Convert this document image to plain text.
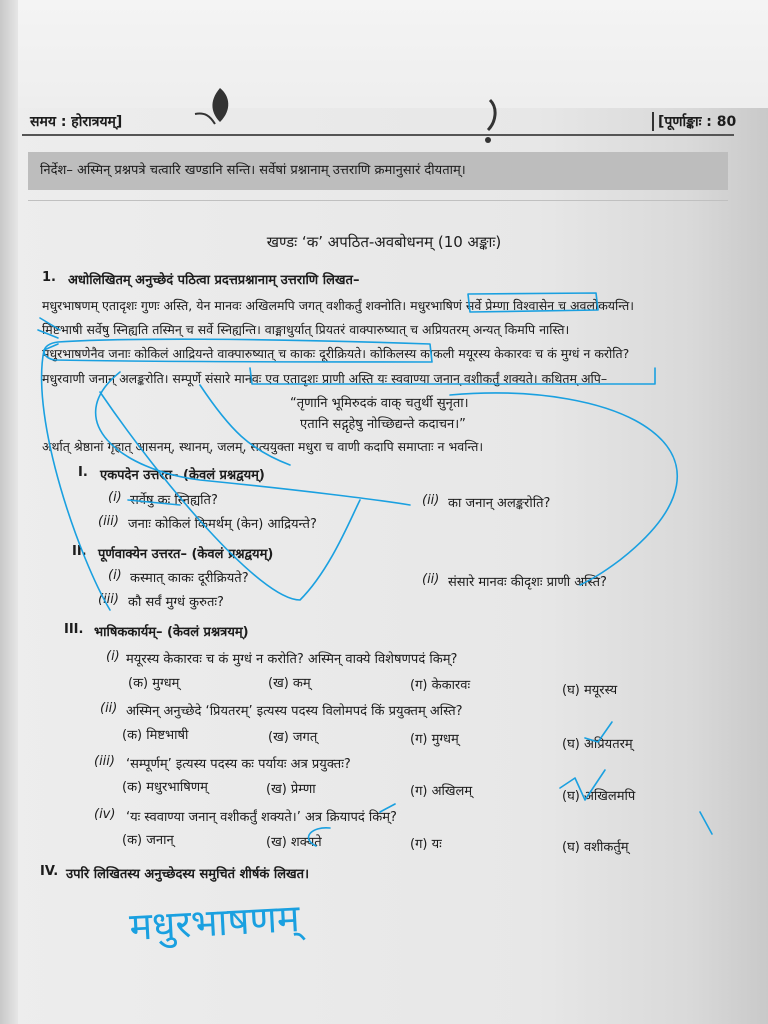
समय : होरात्रयम्]	[पूर्णाङ्काः : 80
निर्देश– अस्मिन् प्रश्नपत्रे चत्वारि खण्डानि सन्ति। सर्वेषां प्रश्नानाम् उत्तराणि क्रमानुसारं दीयताम्।
खण्डः ‘क’ अपठित-अवबोधनम् (10 अङ्काः)
1. अधोलिखितम् अनुच्छेदं पठित्वा प्रदत्तप्रश्नानाम् उत्तराणि लिखत–
मधुरभाषणम् एतादृशः गुणः अस्ति, येन मानवः अखिलमपि जगत् वशीकर्तुं शक्नोति। मधुरभाषिणं सर्वे प्रेम्णा विश्वासेन च अवलोकयन्ति।
मिष्टभाषी सर्वेषु स्निह्यति तस्मिन् च सर्वे स्निह्यन्ति। वाङ्माधुर्यात् प्रियतरं वाक्पारुष्यात् च अप्रियतरम् अन्यत् किमपि नास्ति।
मधुरभाषणेनैव जनाः कोकिलं आद्रियन्ते वाक्पारुष्यात् च काकः दूरीक्रियते। कोकिलस्य काकली मयूरस्य केकारवः च कं मुग्धं न करोति?
मधुरवाणी जनान् अलङ्करोति। सम्पूर्णे संसारे मानवः एव एतादृशः प्राणी अस्ति यः स्ववाण्या जनान् वशीकर्तुं शक्यते। कथितम् अपि–
“तृणानि भूमिरुदकं वाक् चतुर्थी सुनृता।
एतानि सद्गृहेषु नोच्छिद्यन्ते कदाचन।”
अर्थात् श्रेष्ठानां गृहात् आसनम्, स्थानम्, जलम्, सत्ययुक्ता मधुरा च वाणी कदापि समाप्ताः न भवन्ति।
I. एकपदेन उत्तरत– (केवलं प्रश्नद्वयम्)
(i) सर्वेषु कः स्निह्यति?	(ii) का जनान् अलङ्करोति?
(iii) जनाः कोकिलं किमर्थम् (केन) आद्रियन्ते?
II. पूर्णवाक्येन उत्तरत– (केवलं प्रश्नद्वयम्)
(i) कस्मात् काकः दूरीक्रियते?	(ii) संसारे मानवः कीदृशः प्राणी अस्ति?
(iii) कौ सर्वं मुग्धं कुरुतः?
III. भाषिककार्यम्– (केवलं प्रश्नत्रयम्)
(i) मयूरस्य केकारवः च कं मुग्धं न करोति? अस्मिन् वाक्ये विशेषणपदं किम्?
(क) मुग्धम्	(ख) कम्	(ग) केकारवः	(घ) मयूरस्य
(ii) अस्मिन् अनुच्छेदे ‘प्रियतरम्’ इत्यस्य पदस्य विलोमपदं किं प्रयुक्तम् अस्ति?
(क) मिष्टभाषी	(ख) जगत्	(ग) मुग्धम्	(घ) अप्रियतरम्
(iii) ‘सम्पूर्णम्’ इत्यस्य पदस्य कः पर्यायः अत्र प्रयुक्तः?
(क) मधुरभाषिणम्	(ख) प्रेम्णा	(ग) अखिलम्	(घ) अखिलमपि
(iv) ‘यः स्ववाण्या जनान् वशीकर्तुं शक्यते।’ अत्र क्रियापदं किम्?
(क) जनान्	(ख) शक्यते	(ग) यः	(घ) वशीकर्तुम्
IV. उपरि लिखितस्य अनुच्छेदस्य समुचितं शीर्षकं लिखत।
मधुरभाषणम्
